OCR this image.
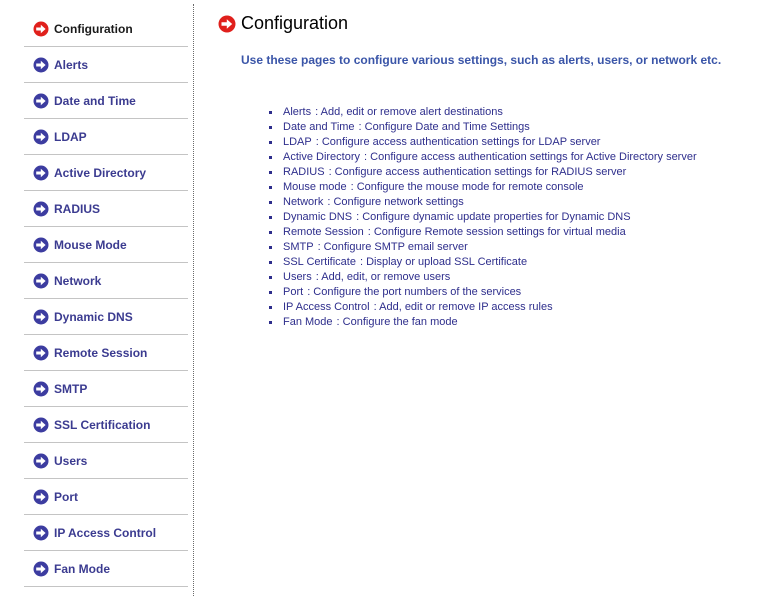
Configuration
Alerts
Date and Time
LDAP
Active Directory
RADIUS
Mouse Mode
Network
Dynamic DNS
Remote Session
SMTP
SSL Certification
Users
Port
IP Access Control
Fan Mode
Configuration
Use these pages to configure various settings, such as alerts, users, or network etc.
Alerts : Add, edit or remove alert destinations
Date and Time : Configure Date and Time Settings
LDAP : Configure access authentication settings for LDAP server
Active Directory : Configure access authentication settings for Active Directory server
RADIUS : Configure access authentication settings for RADIUS server
Mouse mode : Configure the mouse mode for remote console
Network : Configure network settings
Dynamic DNS : Configure dynamic update properties for Dynamic DNS
Remote Session : Configure Remote session settings for virtual media
SMTP : Configure SMTP email server
SSL Certificate : Display or upload SSL Certificate
Users : Add, edit, or remove users
Port : Configure the port numbers of the services
IP Access Control : Add, edit or remove IP access rules
Fan Mode : Configure the fan mode
